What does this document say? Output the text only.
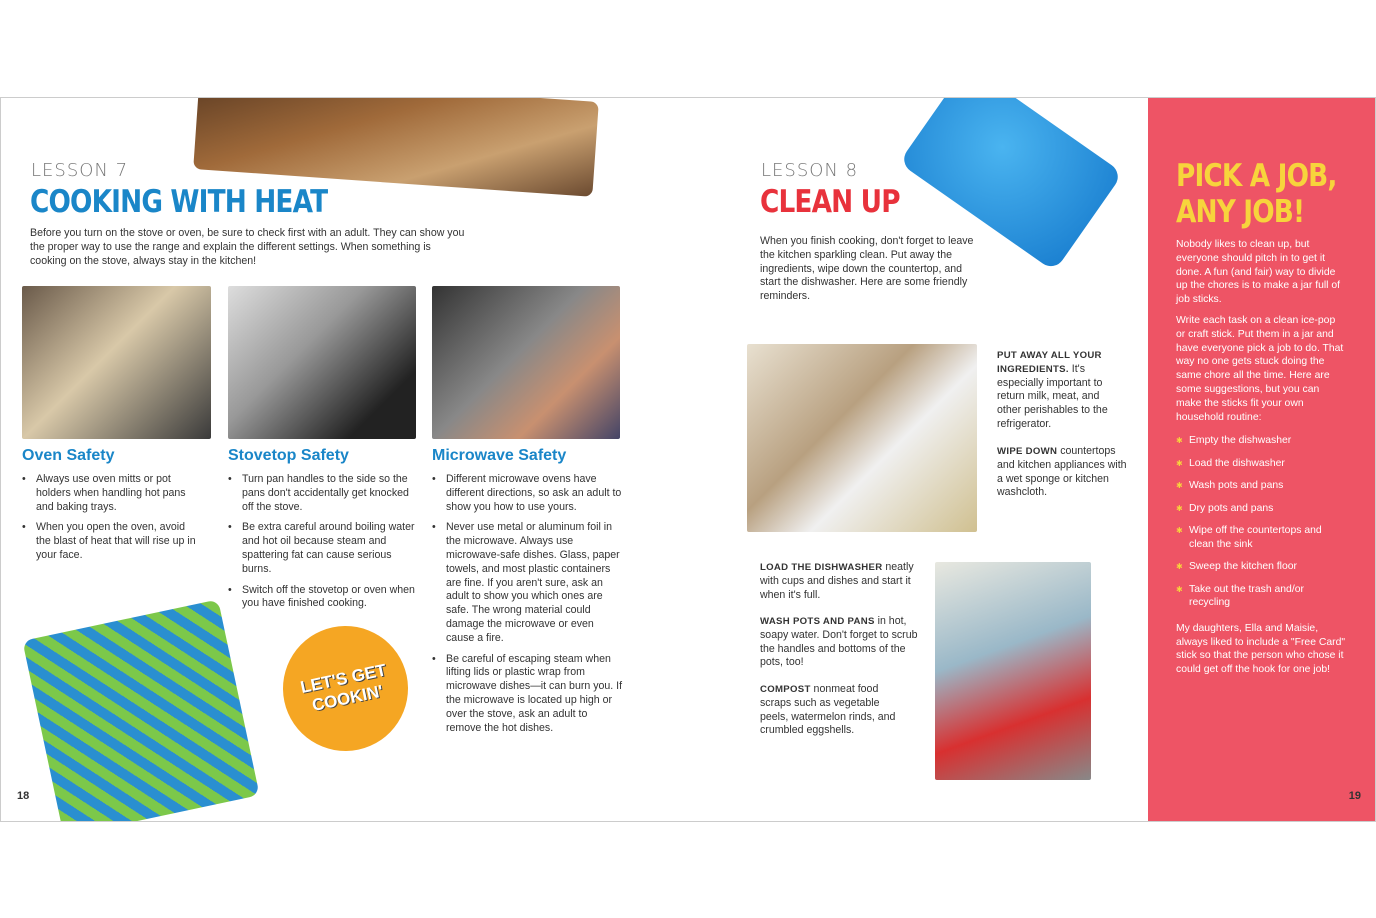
LESSON 7
COOKING WITH HEAT
Before you turn on the stove or oven, be sure to check first with an adult. They can show you the proper way to use the range and explain the different settings. When something is cooking on the stove, always stay in the kitchen!
Oven Safety
• Always use oven mitts or pot holders when handling hot pans and baking trays.
• When you open the oven, avoid the blast of heat that will rise up in your face.
Stovetop Safety
• Turn pan handles to the side so the pans don't accidentally get knocked off the stove.
• Be extra careful around boiling water and hot oil because steam and spattering fat can cause serious burns.
• Switch off the stovetop or oven when you have finished cooking.
Microwave Safety
• Different microwave ovens have different directions, so ask an adult to show you how to use yours.
• Never use metal or aluminum foil in the microwave. Always use microwave-safe dishes. Glass, paper towels, and most plastic containers are fine. If you aren't sure, ask an adult to show you which ones are safe. The wrong material could damage the microwave or even cause a fire.
• Be careful of escaping steam when lifting lids or plastic wrap from microwave dishes—it can burn you. If the microwave is located up high or over the stove, ask an adult to remove the hot dishes.
LET'S GET COOKIN'
18
LESSON 8
CLEAN UP
When you finish cooking, don't forget to leave the kitchen sparkling clean. Put away the ingredients, wipe down the countertop, and start the dishwasher. Here are some friendly reminders.
PUT AWAY ALL YOUR INGREDIENTS. It's especially important to return milk, meat, and other perishables to the refrigerator.
WIPE DOWN countertops and kitchen appliances with a wet sponge or kitchen washcloth.
LOAD THE DISHWASHER neatly with cups and dishes and start it when it's full.
WASH POTS AND PANS in hot, soapy water. Don't forget to scrub the handles and bottoms of the pots, too!
COMPOST nonmeat food scraps such as vegetable peels, watermelon rinds, and crumbled eggshells.
PICK A JOB,
ANY JOB!
Nobody likes to clean up, but everyone should pitch in to get it done. A fun (and fair) way to divide up the chores is to make a jar full of job sticks.
Write each task on a clean ice-pop or craft stick. Put them in a jar and have everyone pick a job to do. That way no one gets stuck doing the same chore all the time. Here are some suggestions, but you can make the sticks fit your own household routine:
✱ Empty the dishwasher
✱ Load the dishwasher
✱ Wash pots and pans
✱ Dry pots and pans
✱ Wipe off the countertops and clean the sink
✱ Sweep the kitchen floor
✱ Take out the trash and/or recycling
My daughters, Ella and Maisie, always liked to include a "Free Card" stick so that the person who chose it could get off the hook for one job!
19
